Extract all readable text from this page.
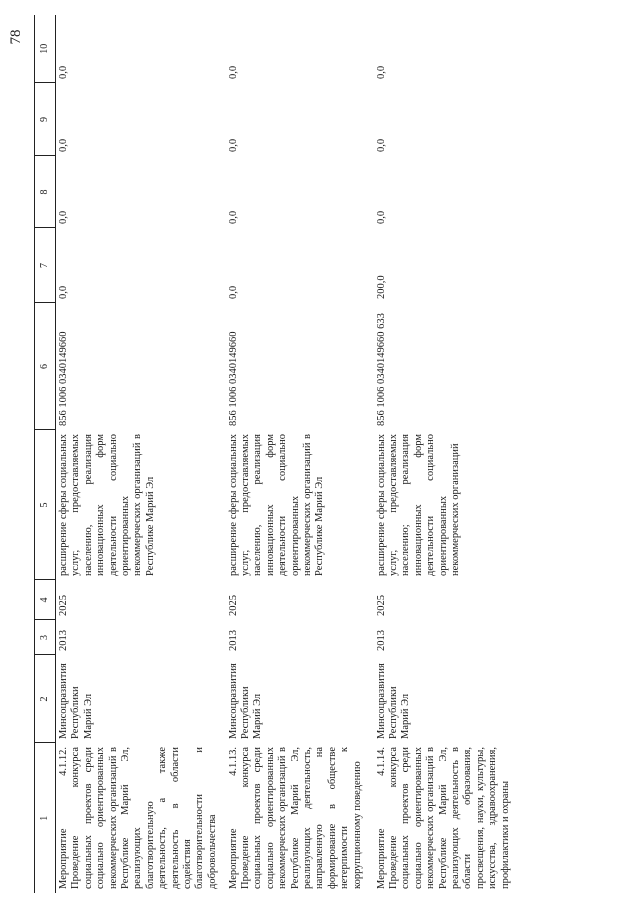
78
1	2	3	4	5	6	7	8	9	10
Мероприятие 4.1.12. Проведение конкурса социальных проектов среди социально ориентированных некоммерческих организаций в Республике Марий Эл, реализующих благотворительную деятельность, а также деятельность в области содействия благотворительности и добровольчества	Минсоцразвития Республики Марий Эл	2013	2025	расширение сферы социальных услуг, предоставляемых населению, реализация инновационных форм деятельности социально ориентированных некоммерческих организаций в Республике Марий Эл	856 1006 0340149660	0,0	0,0	0,0	0,0
Мероприятие 4.1.13. Проведение конкурса социальных проектов среди социально ориентированных некоммерческих организаций в Республике Марий Эл, реализующих деятельность, направленную на формирование в обществе нетерпимости к коррупционному поведению	Минсоцразвития Республики Марий Эл	2013	2025	расширение сферы социальных услуг, предоставляемых населению, реализация инновационных форм деятельности социально ориентированных некоммерческих организаций в Республике Марий Эл	856 1006 0340149660	0,0	0,0	0,0	0,0
Мероприятие 4.1.14. Проведение конкурса социальных проектов среди социально ориентированных некоммерческих организаций в Республике Марий Эл, реализующих деятельность в области образования, просвещения, науки, культуры, искусства, здравоохранения, профилактики и охраны	Минсоцразвития Республики Марий Эл	2013	2025	расширение сферы социальных услуг, предоставляемых населению; реализация инновационных форм деятельности социально ориентированных некоммерческих организаций	856 1006 0340149660 633	200,0	0,0	0,0	0,0
